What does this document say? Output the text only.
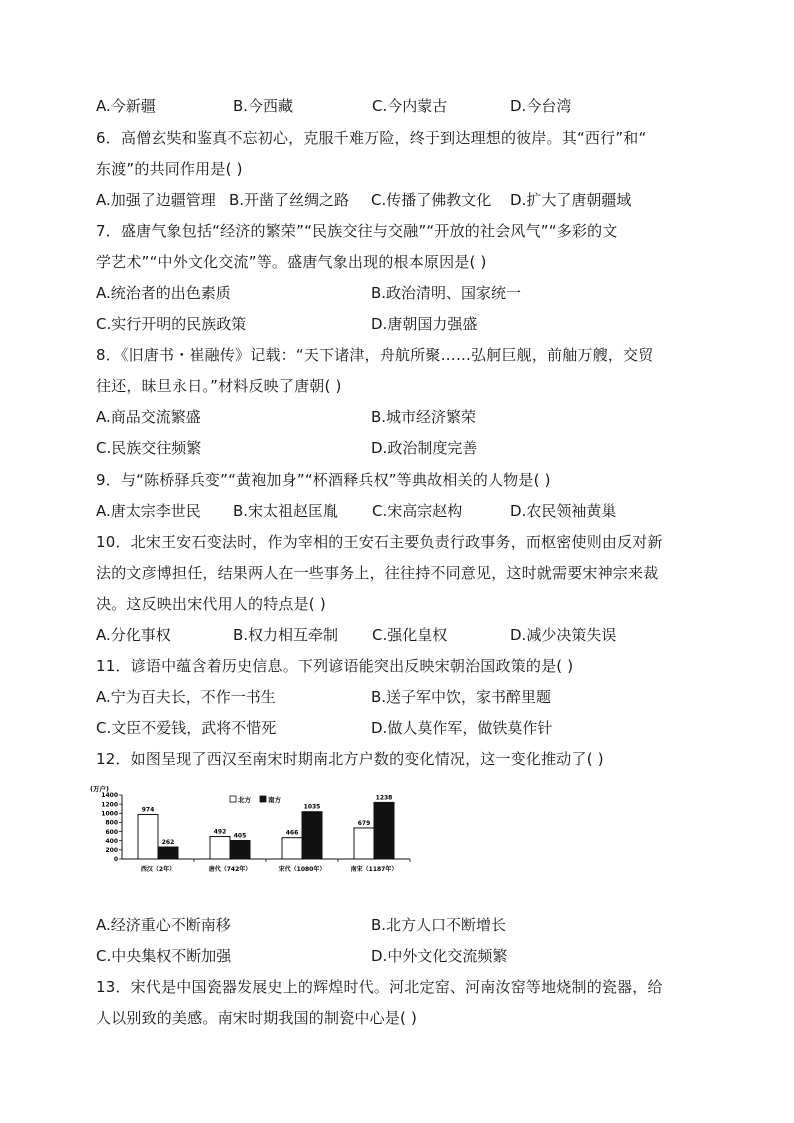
A.今新疆	B.今西藏	C.今内蒙古	D.今台湾
6．高僧玄奘和鉴真不忘初心，克服千难万险，终于到达理想的彼岸。其“西行”和“
东渡”的共同作用是( )
A.加强了边疆管理 B.开凿了丝绸之路 C.传播了佛教文化 D.扩大了唐朝疆域
7．盛唐气象包括“经济的繁荣”“民族交往与交融”“开放的社会风气”“多彩的文
学艺术”“中外文化交流”等。盛唐气象出现的根本原因是( )
A.统治者的出色素质	B.政治清明、国家统一
C.实行开明的民族政策	D.唐朝国力强盛
8．《旧唐书・崔融传》记载：“天下诸津，舟航所聚……弘舸巨舰，前舳万艘，交贸
往还，昧旦永日。”材料反映了唐朝( )
A.商品交流繁盛	B.城市经济繁荣
C.民族交往频繁	D.政治制度完善
9．与“陈桥驿兵变”“黄袍加身”“杯酒释兵权”等典故相关的人物是( )
A.唐太宗李世民 B.宋太祖赵匡胤 C.宋高宗赵构	D.农民领袖黄巢
10．北宋王安石变法时，作为宰相的王安石主要负责行政事务，而枢密使则由反对新
法的文彦博担任，结果两人在一些事务上，往往持不同意见，这时就需要宋神宗来裁
决。这反映出宋代用人的特点是( )
A.分化事权	B.权力相互牵制 C.强化皇权	D.减少决策失误
11．谚语中蕴含着历史信息。下列谚语能突出反映宋朝治国政策的是( )
A.宁为百夫长，不作一书生	B.送子军中饮，家书醉里题
C.文臣不爱钱，武将不惜死	D.做人莫作军，做铁莫作针
12．如图呈现了西汉至南宋时期南北方户数的变化情况，这一变化推动了( )
(万户)
0
200
400
600
800
1000
1200
1400
974
262
西汉（2年）
492
405
唐代（742年）
466
1035
宋代（1080年）
679
1238
南宋（1187年）
北方	南方
A.经济重心不断南移	B.北方人口不断增长
C.中央集权不断加强	D.中外文化交流频繁
13．宋代是中国瓷器发展史上的辉煌时代。河北定窑、河南汝窑等地烧制的瓷器，给
人以别致的美感。南宋时期我国的制瓷中心是( )
